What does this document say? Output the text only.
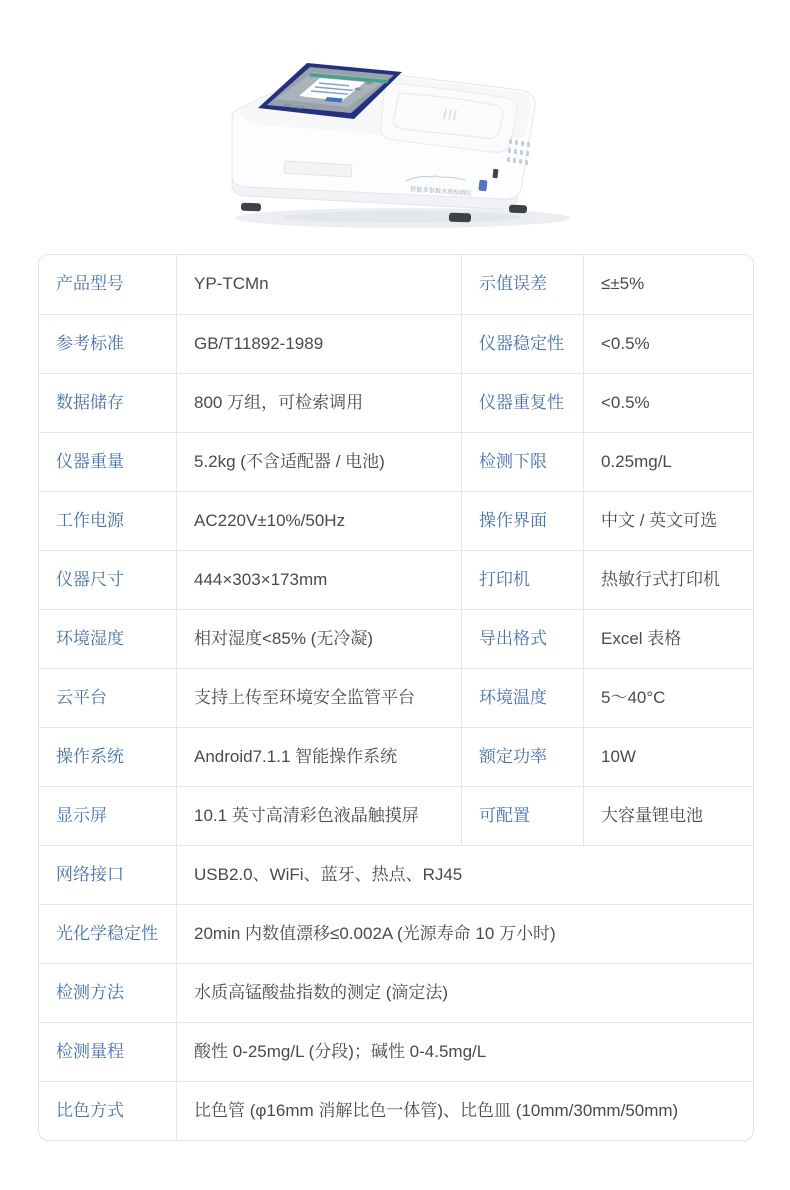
智能多参数水质检测仪
产品型号	YP-TCMn	示值误差	≤±5%
参考标准	GB/T11892-1989	仪器稳定性	<0.5%
数据储存	800 万组，可检索调用	仪器重复性	<0.5%
仪器重量	5.2kg (不含适配器 / 电池)	检测下限	0.25mg/L
工作电源	AC220V±10%/50Hz	操作界面	中文 / 英文可选
仪器尺寸	444×303×173mm	打印机	热敏行式打印机
环境湿度	相对湿度<85% (无冷凝)	导出格式	Excel 表格
云平台	支持上传至环境安全监管平台	环境温度	5～40°C
操作系统	Android7.1.1 智能操作系统	额定功率	10W
显示屏	10.1 英寸高清彩色液晶触摸屏	可配置	大容量锂电池
网络接口	USB2.0、WiFi、蓝牙、热点、RJ45		
光化学稳定性	20min 内数值漂移≤0.002A (光源寿命 10 万小时)		
检测方法	水质高锰酸盐指数的测定 (滴定法)		
检测量程	酸性 0-25mg/L (分段)；碱性 0-4.5mg/L		
比色方式	比色管 (φ16mm 消解比色一体管)、比色皿 (10mm/30mm/50mm)		
